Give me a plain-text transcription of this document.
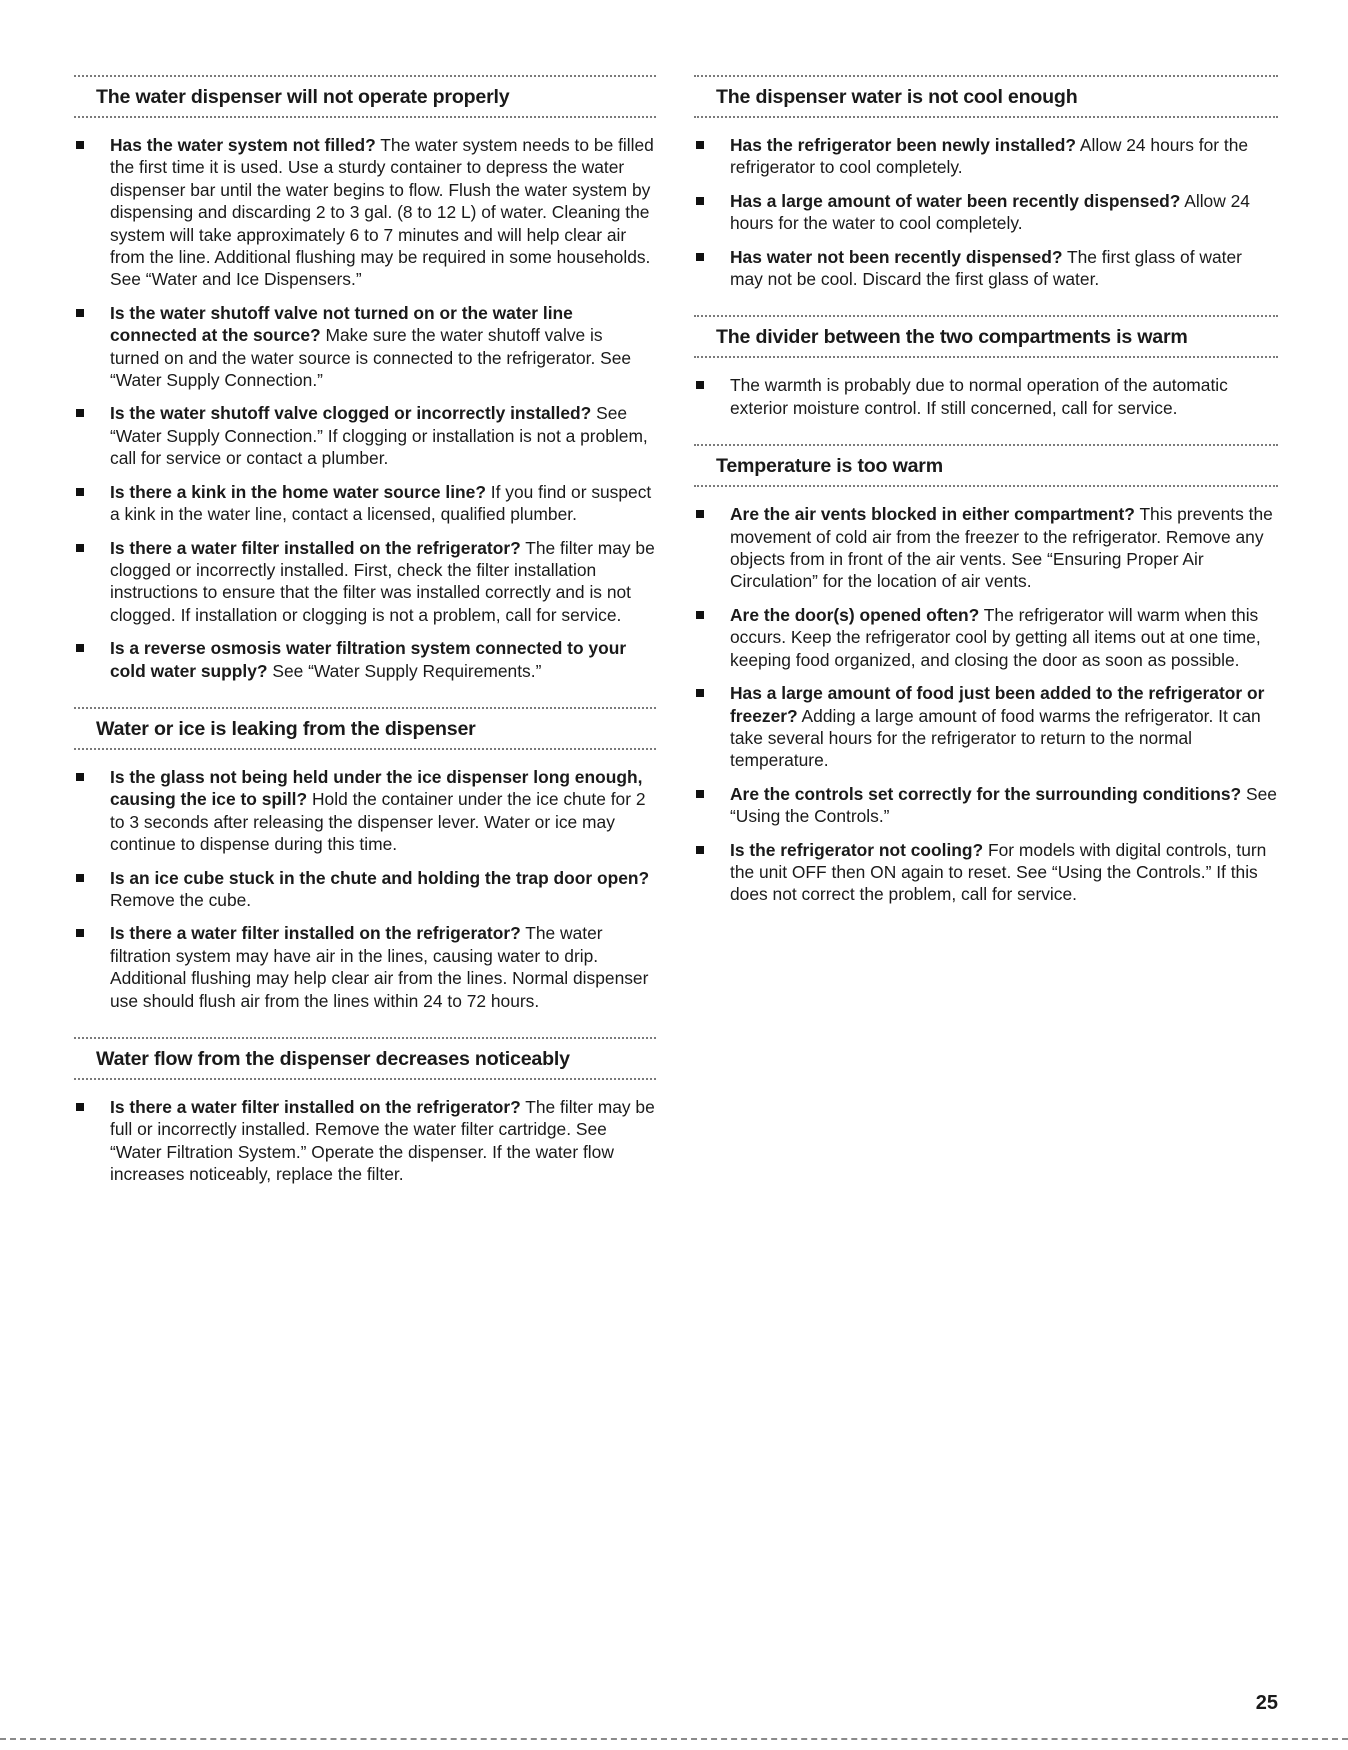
The water dispenser will not operate properly
Has the water system not filled? The water system needs to be filled the first time it is used. Use a sturdy container to depress the water dispenser bar until the water begins to flow. Flush the water system by dispensing and discarding 2 to 3 gal. (8 to 12 L) of water. Cleaning the system will take approximately 6 to 7 minutes and will help clear air from the line. Additional flushing may be required in some households. See “Water and Ice Dispensers.”
Is the water shutoff valve not turned on or the water line connected at the source? Make sure the water shutoff valve is turned on and the water source is connected to the refrigerator. See “Water Supply Connection.”
Is the water shutoff valve clogged or incorrectly installed? See “Water Supply Connection.” If clogging or installation is not a problem, call for service or contact a plumber.
Is there a kink in the home water source line? If you find or suspect a kink in the water line, contact a licensed, qualified plumber.
Is there a water filter installed on the refrigerator? The filter may be clogged or incorrectly installed. First, check the filter installation instructions to ensure that the filter was installed correctly and is not clogged. If installation or clogging is not a problem, call for service.
Is a reverse osmosis water filtration system connected to your cold water supply? See “Water Supply Requirements.”
Water or ice is leaking from the dispenser
Is the glass not being held under the ice dispenser long enough, causing the ice to spill? Hold the container under the ice chute for 2 to 3 seconds after releasing the dispenser lever. Water or ice may continue to dispense during this time.
Is an ice cube stuck in the chute and holding the trap door open? Remove the cube.
Is there a water filter installed on the refrigerator? The water filtration system may have air in the lines, causing water to drip. Additional flushing may help clear air from the lines. Normal dispenser use should flush air from the lines within 24 to 72 hours.
Water flow from the dispenser decreases noticeably
Is there a water filter installed on the refrigerator? The filter may be full or incorrectly installed. Remove the water filter cartridge. See “Water Filtration System.” Operate the dispenser. If the water flow increases noticeably, replace the filter.
The dispenser water is not cool enough
Has the refrigerator been newly installed? Allow 24 hours for the refrigerator to cool completely.
Has a large amount of water been recently dispensed? Allow 24 hours for the water to cool completely.
Has water not been recently dispensed? The first glass of water may not be cool. Discard the first glass of water.
The divider between the two compartments is warm
The warmth is probably due to normal operation of the automatic exterior moisture control. If still concerned, call for service.
Temperature is too warm
Are the air vents blocked in either compartment? This prevents the movement of cold air from the freezer to the refrigerator. Remove any objects from in front of the air vents. See “Ensuring Proper Air Circulation” for the location of air vents.
Are the door(s) opened often? The refrigerator will warm when this occurs. Keep the refrigerator cool by getting all items out at one time, keeping food organized, and closing the door as soon as possible.
Has a large amount of food just been added to the refrigerator or freezer? Adding a large amount of food warms the refrigerator. It can take several hours for the refrigerator to return to the normal temperature.
Are the controls set correctly for the surrounding conditions? See “Using the Controls.”
Is the refrigerator not cooling? For models with digital controls, turn the unit OFF then ON again to reset. See “Using the Controls.” If this does not correct the problem, call for service.
25
